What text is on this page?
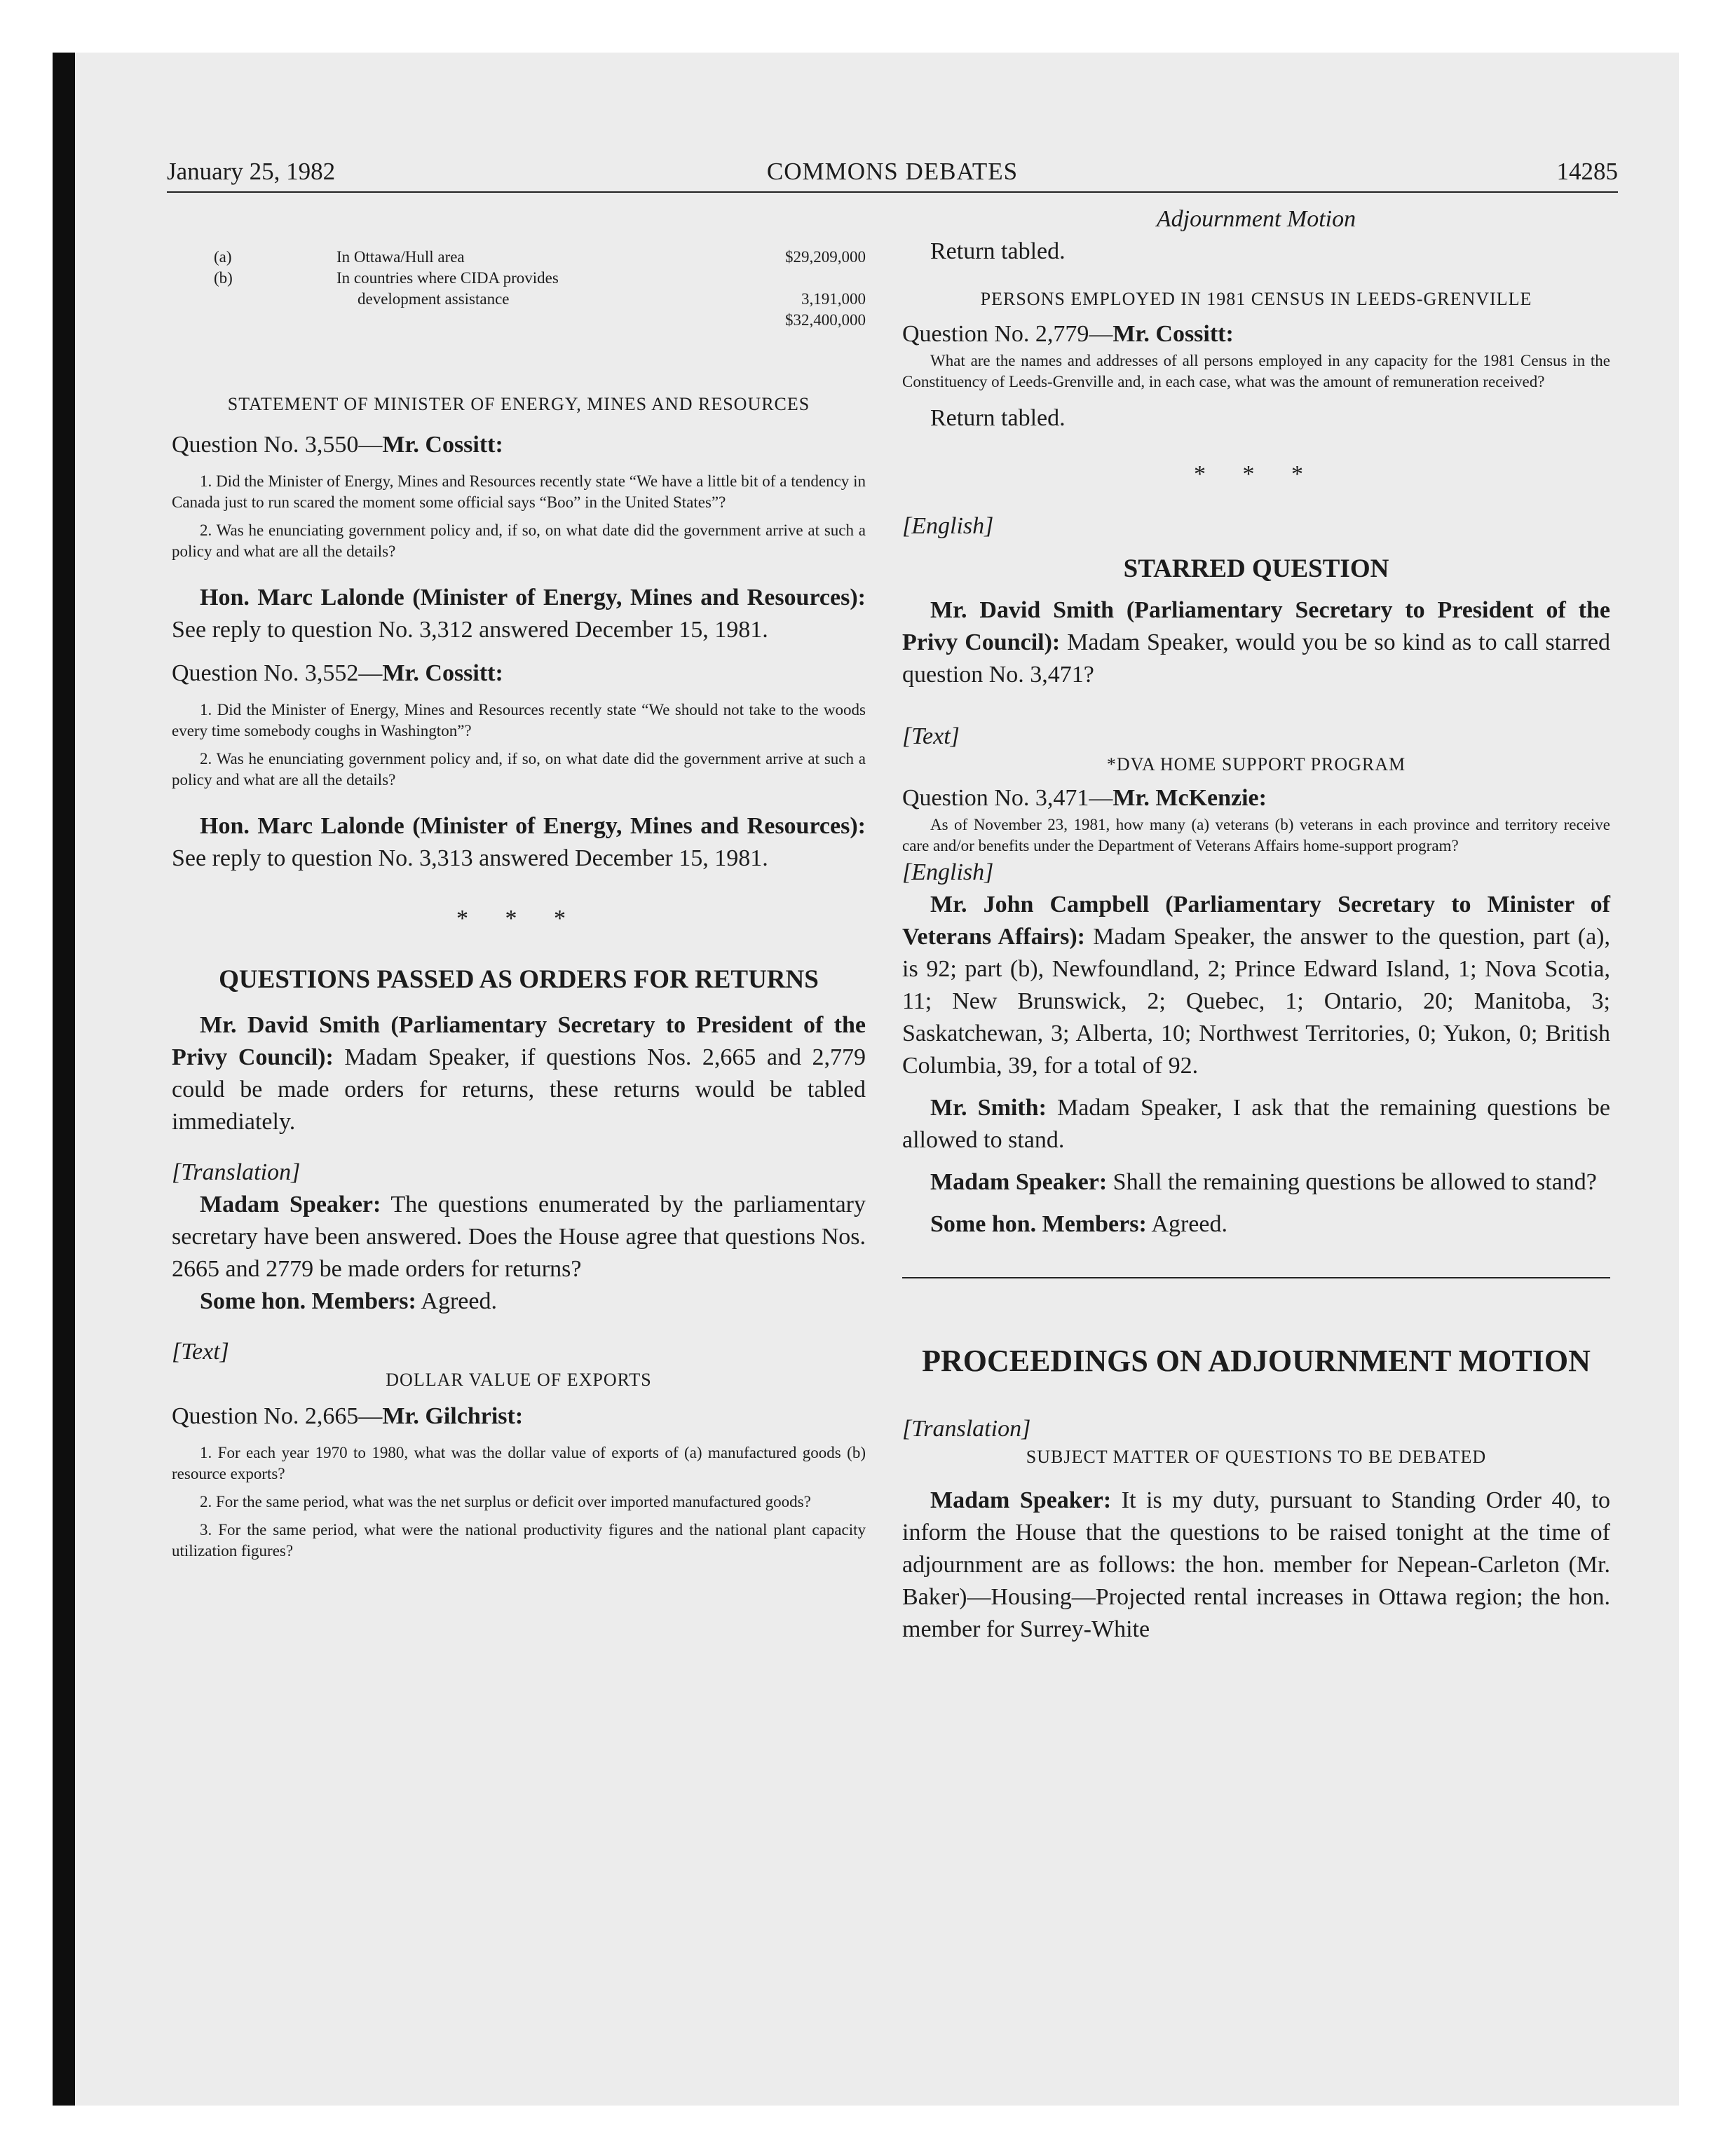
January 25, 1982	COMMONS DEBATES	14285
(a)	In Ottawa/Hull area	$29,209,000
(b)	In countries where CIDA provides	
	development assistance	3,191,000

$32,400,000

STATEMENT OF MINISTER OF ENERGY, MINES AND RESOURCES

Question No. 3,550—Mr. Cossitt:

1. Did the Minister of Energy, Mines and Resources recently state “We have a little bit of a tendency in Canada just to run scared the moment some official says “Boo” in the United States”?

2. Was he enunciating government policy and, if so, on what date did the government arrive at such a policy and what are all the details?

Hon. Marc Lalonde (Minister of Energy, Mines and Resources): See reply to question No. 3,312 answered December 15, 1981.

Question No. 3,552—Mr. Cossitt:

1. Did the Minister of Energy, Mines and Resources recently state “We should not take to the woods every time somebody coughs in Washington”?

2. Was he enunciating government policy and, if so, on what date did the government arrive at such a policy and what are all the details?

Hon. Marc Lalonde (Minister of Energy, Mines and Resources): See reply to question No. 3,313 answered December 15, 1981.

* * *

QUESTIONS PASSED AS ORDERS FOR RETURNS

Mr. David Smith (Parliamentary Secretary to President of the Privy Council): Madam Speaker, if questions Nos. 2,665 and 2,779 could be made orders for returns, these returns would be tabled immediately.

[Translation]

Madam Speaker: The questions enumerated by the parliamentary secretary have been answered. Does the House agree that questions Nos. 2665 and 2779 be made orders for returns?

Some hon. Members: Agreed.

[Text]

DOLLAR VALUE OF EXPORTS

Question No. 2,665—Mr. Gilchrist:

1. For each year 1970 to 1980, what was the dollar value of exports of (a) manufactured goods (b) resource exports?

2. For the same period, what was the net surplus or deficit over imported manufactured goods?

3. For the same period, what were the national productivity figures and the national plant capacity utilization figures?

Adjournment Motion

Return tabled.

PERSONS EMPLOYED IN 1981 CENSUS IN LEEDS-GRENVILLE

Question No. 2,779—Mr. Cossitt:

What are the names and addresses of all persons employed in any capacity for the 1981 Census in the Constituency of Leeds-Grenville and, in each case, what was the amount of remuneration received?

Return tabled.

* * *

[English]

STARRED QUESTION

Mr. David Smith (Parliamentary Secretary to President of the Privy Council): Madam Speaker, would you be so kind as to call starred question No. 3,471?

[Text]

*DVA HOME SUPPORT PROGRAM

Question No. 3,471—Mr. McKenzie:

As of November 23, 1981, how many (a) veterans (b) veterans in each province and territory receive care and/or benefits under the Department of Veterans Affairs home-support program?

[English]

Mr. John Campbell (Parliamentary Secretary to Minister of Veterans Affairs): Madam Speaker, the answer to the question, part (a), is 92; part (b), Newfoundland, 2; Prince Edward Island, 1; Nova Scotia, 11; New Brunswick, 2; Quebec, 1; Ontario, 20; Manitoba, 3; Saskatchewan, 3; Alberta, 10; Northwest Territories, 0; Yukon, 0; British Columbia, 39, for a total of 92.

Mr. Smith: Madam Speaker, I ask that the remaining questions be allowed to stand.

Madam Speaker: Shall the remaining questions be allowed to stand?

Some hon. Members: Agreed.

PROCEEDINGS ON ADJOURNMENT MOTION

[Translation]

SUBJECT MATTER OF QUESTIONS TO BE DEBATED

Madam Speaker: It is my duty, pursuant to Standing Order 40, to inform the House that the questions to be raised tonight at the time of adjournment are as follows: the hon. member for Nepean-Carleton (Mr. Baker)—Housing—Projected rental increases in Ottawa region; the hon. member for Surrey-White
